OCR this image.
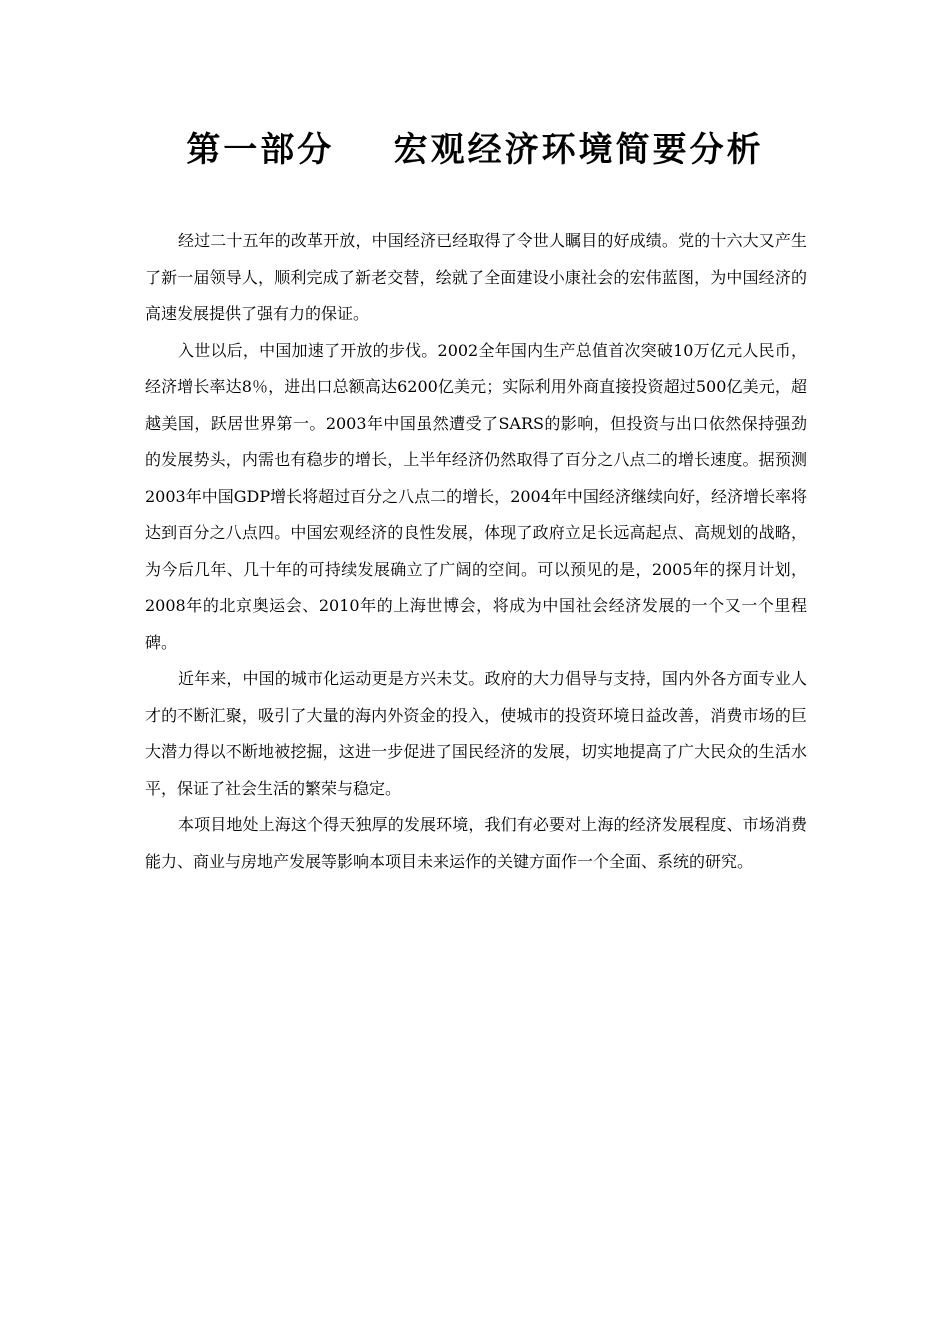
第一部分    宏观经济环境简要分析

经过二十五年的改革开放，中国经济已经取得了令世人瞩目的好成绩。党的十六大又产生了新一届领导人，顺利完成了新老交替，绘就了全面建设小康社会的宏伟蓝图，为中国经济的高速发展提供了强有力的保证。

入世以后，中国加速了开放的步伐。2002全年国内生产总值首次突破10万亿元人民币，经济增长率达8％，进出口总额高达6200亿美元；实际利用外商直接投资超过500亿美元，超越美国，跃居世界第一。2003年中国虽然遭受了SARS的影响，但投资与出口依然保持强劲的发展势头，内需也有稳步的增长，上半年经济仍然取得了百分之八点二的增长速度。据预测2003年中国GDP增长将超过百分之八点二的增长，2004年中国经济继续向好，经济增长率将达到百分之八点四。中国宏观经济的良性发展，体现了政府立足长远高起点、高规划的战略，为今后几年、几十年的可持续发展确立了广阔的空间。可以预见的是，2005年的探月计划，2008年的北京奥运会、2010年的上海世博会，将成为中国社会经济发展的一个又一个里程碑。

近年来，中国的城市化运动更是方兴未艾。政府的大力倡导与支持，国内外各方面专业人才的不断汇聚，吸引了大量的海内外资金的投入，使城市的投资环境日益改善，消费市场的巨大潜力得以不断地被挖掘，这进一步促进了国民经济的发展，切实地提高了广大民众的生活水平，保证了社会生活的繁荣与稳定。

本项目地处上海这个得天独厚的发展环境，我们有必要对上海的经济发展程度、市场消费能力、商业与房地产发展等影响本项目未来运作的关键方面作一个全面、系统的研究。
